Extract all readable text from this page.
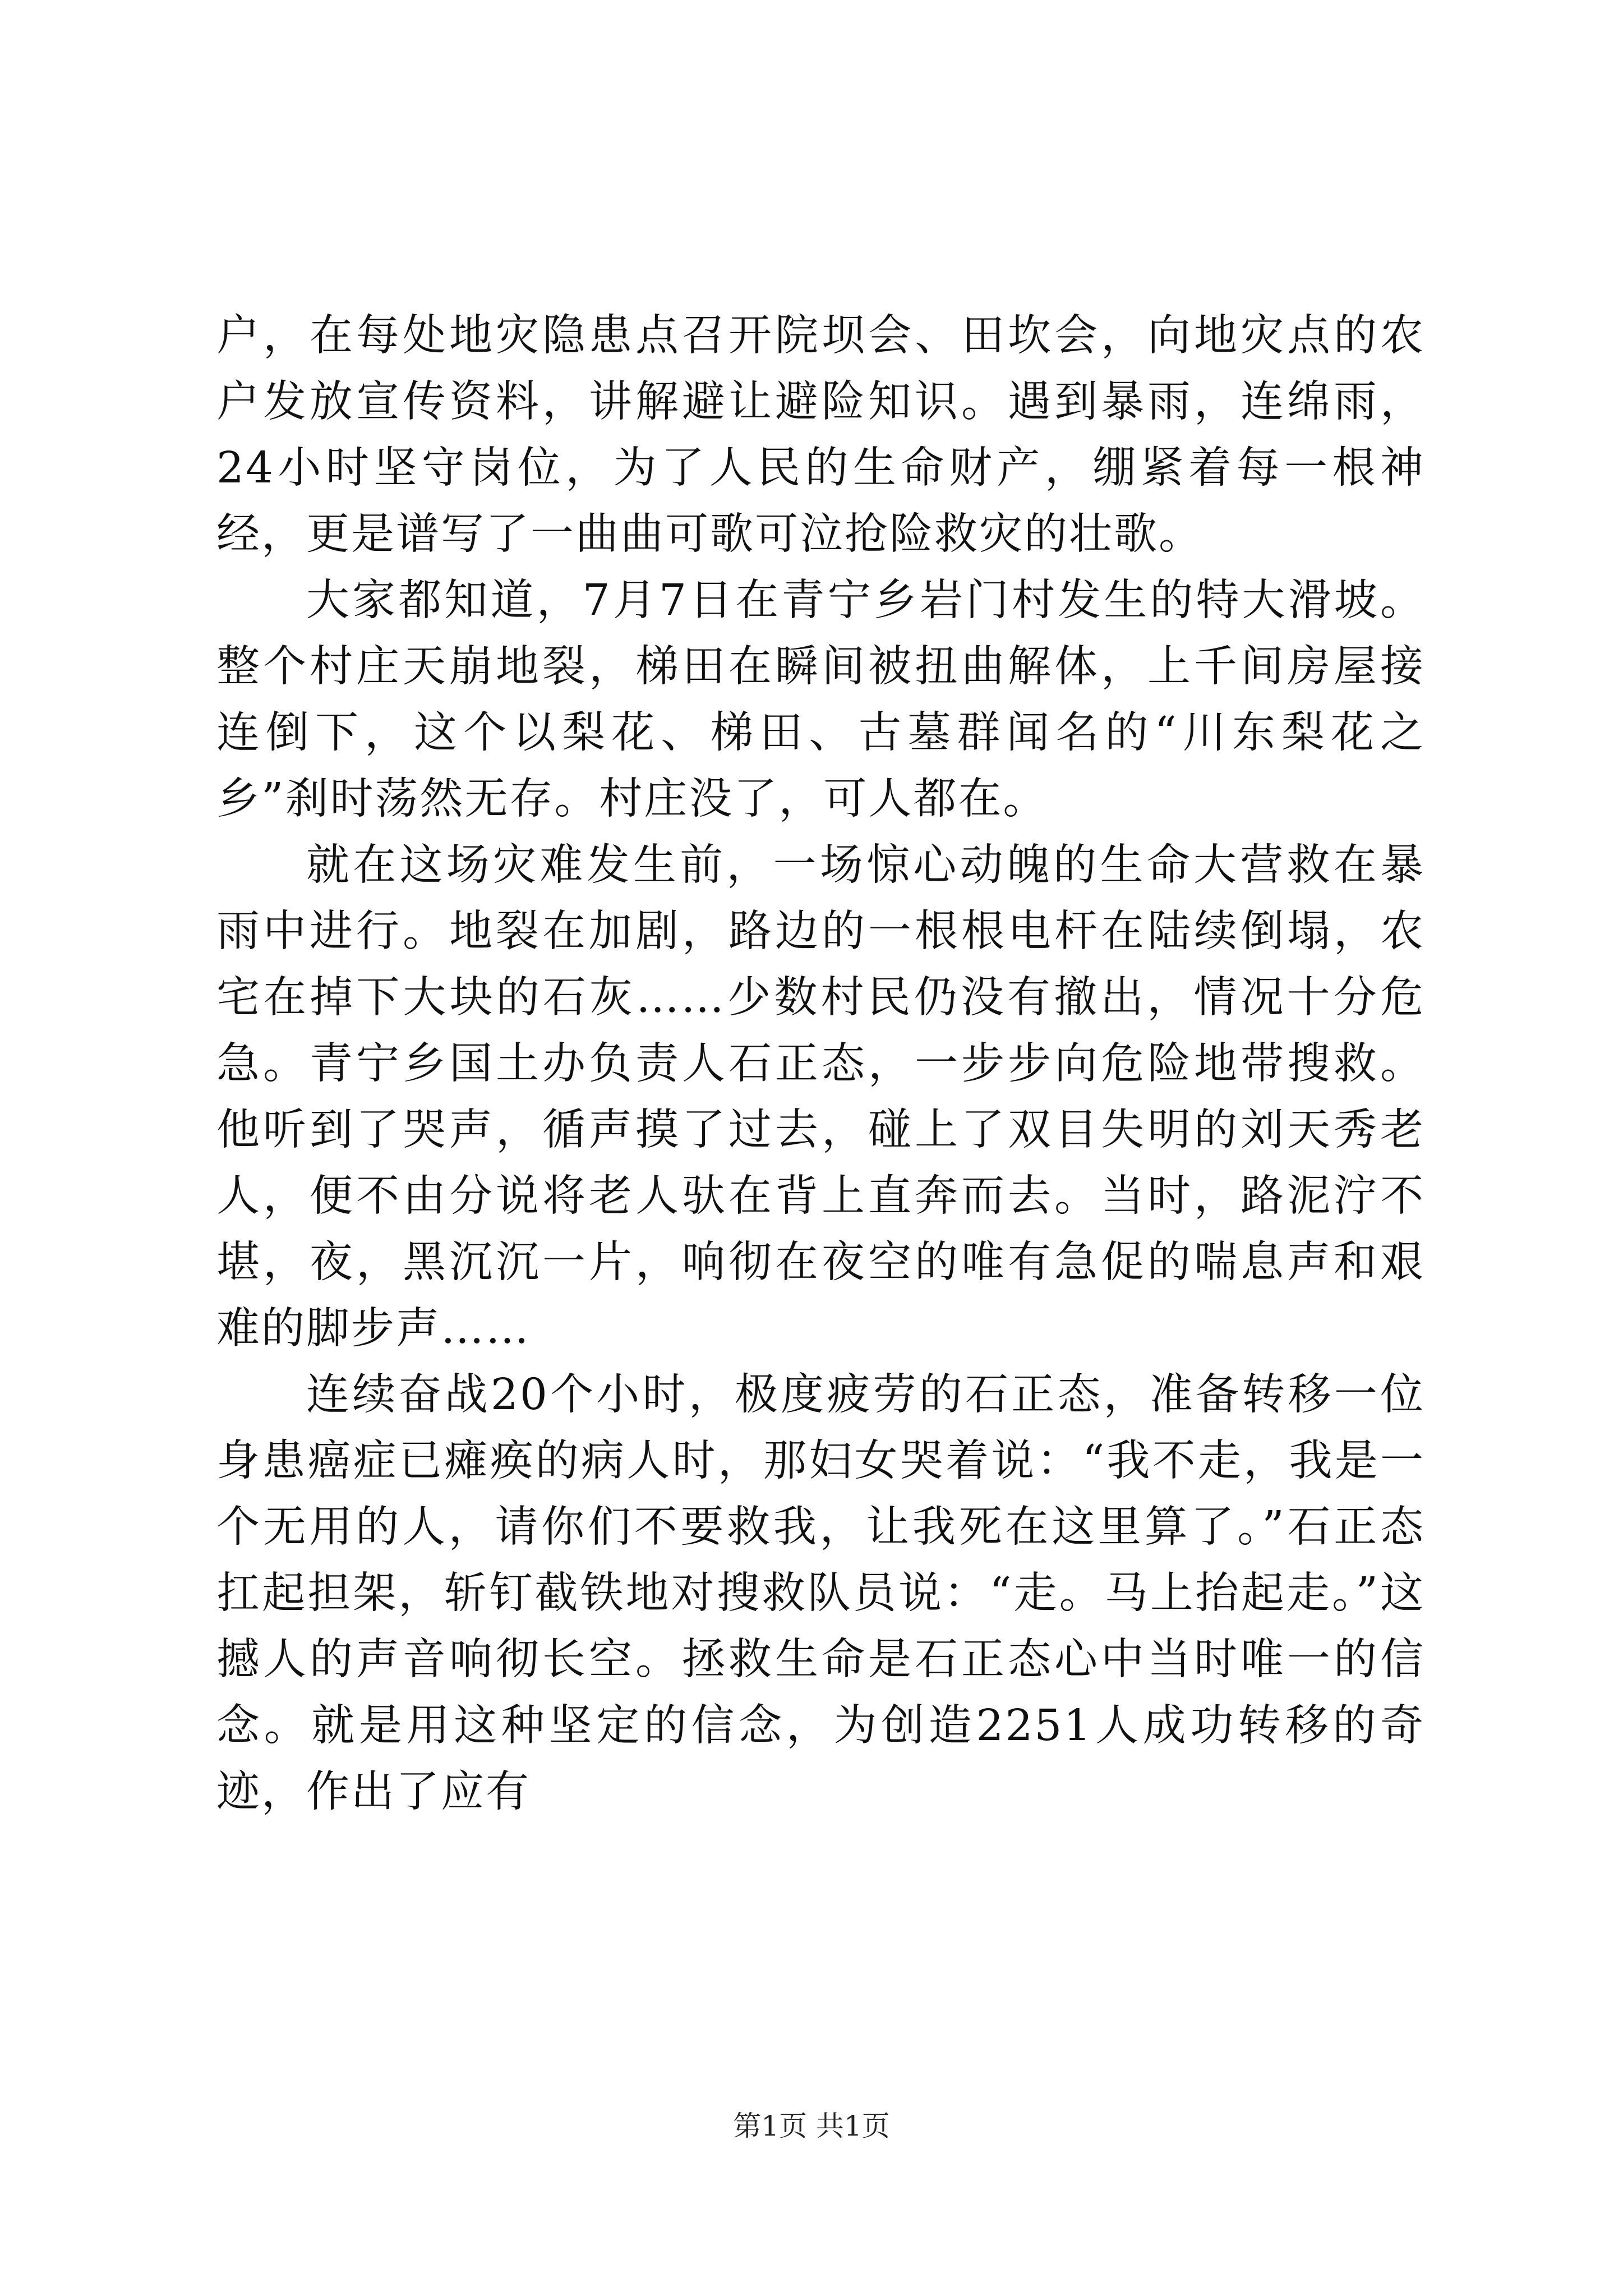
户，在每处地灾隐患点召开院坝会、田坎会，向地灾点的农户发放宣传资料，讲解避让避险知识。遇到暴雨，连绵雨，24小时坚守岗位，为了人民的生命财产，绷紧着每一根神经，更是谱写了一曲曲可歌可泣抢险救灾的壮歌。

大家都知道，7月7日在青宁乡岩门村发生的特大滑坡。整个村庄天崩地裂，梯田在瞬间被扭曲解体，上千间房屋接连倒下，这个以梨花、梯田、古墓群闻名的“川东梨花之乡”刹时荡然无存。村庄没了，可人都在。

就在这场灾难发生前，一场惊心动魄的生命大营救在暴雨中进行。地裂在加剧，路边的一根根电杆在陆续倒塌，农宅在掉下大块的石灰……少数村民仍没有撤出，情况十分危急。青宁乡国土办负责人石正态，一步步向危险地带搜救。他听到了哭声，循声摸了过去，碰上了双目失明的刘天秀老人，便不由分说将老人驮在背上直奔而去。当时，路泥泞不堪，夜，黑沉沉一片，响彻在夜空的唯有急促的喘息声和艰难的脚步声……

连续奋战20个小时，极度疲劳的石正态，准备转移一位身患癌症已瘫痪的病人时，那妇女哭着说：“我不走，我是一个无用的人，请你们不要救我，让我死在这里算了。”石正态扛起担架，斩钉截铁地对搜救队员说：“走。马上抬起走。”这撼人的声音响彻长空。拯救生命是石正态心中当时唯一的信念。就是用这种坚定的信念，为创造2251人成功转移的奇迹，作出了应有

第1页 共1页
